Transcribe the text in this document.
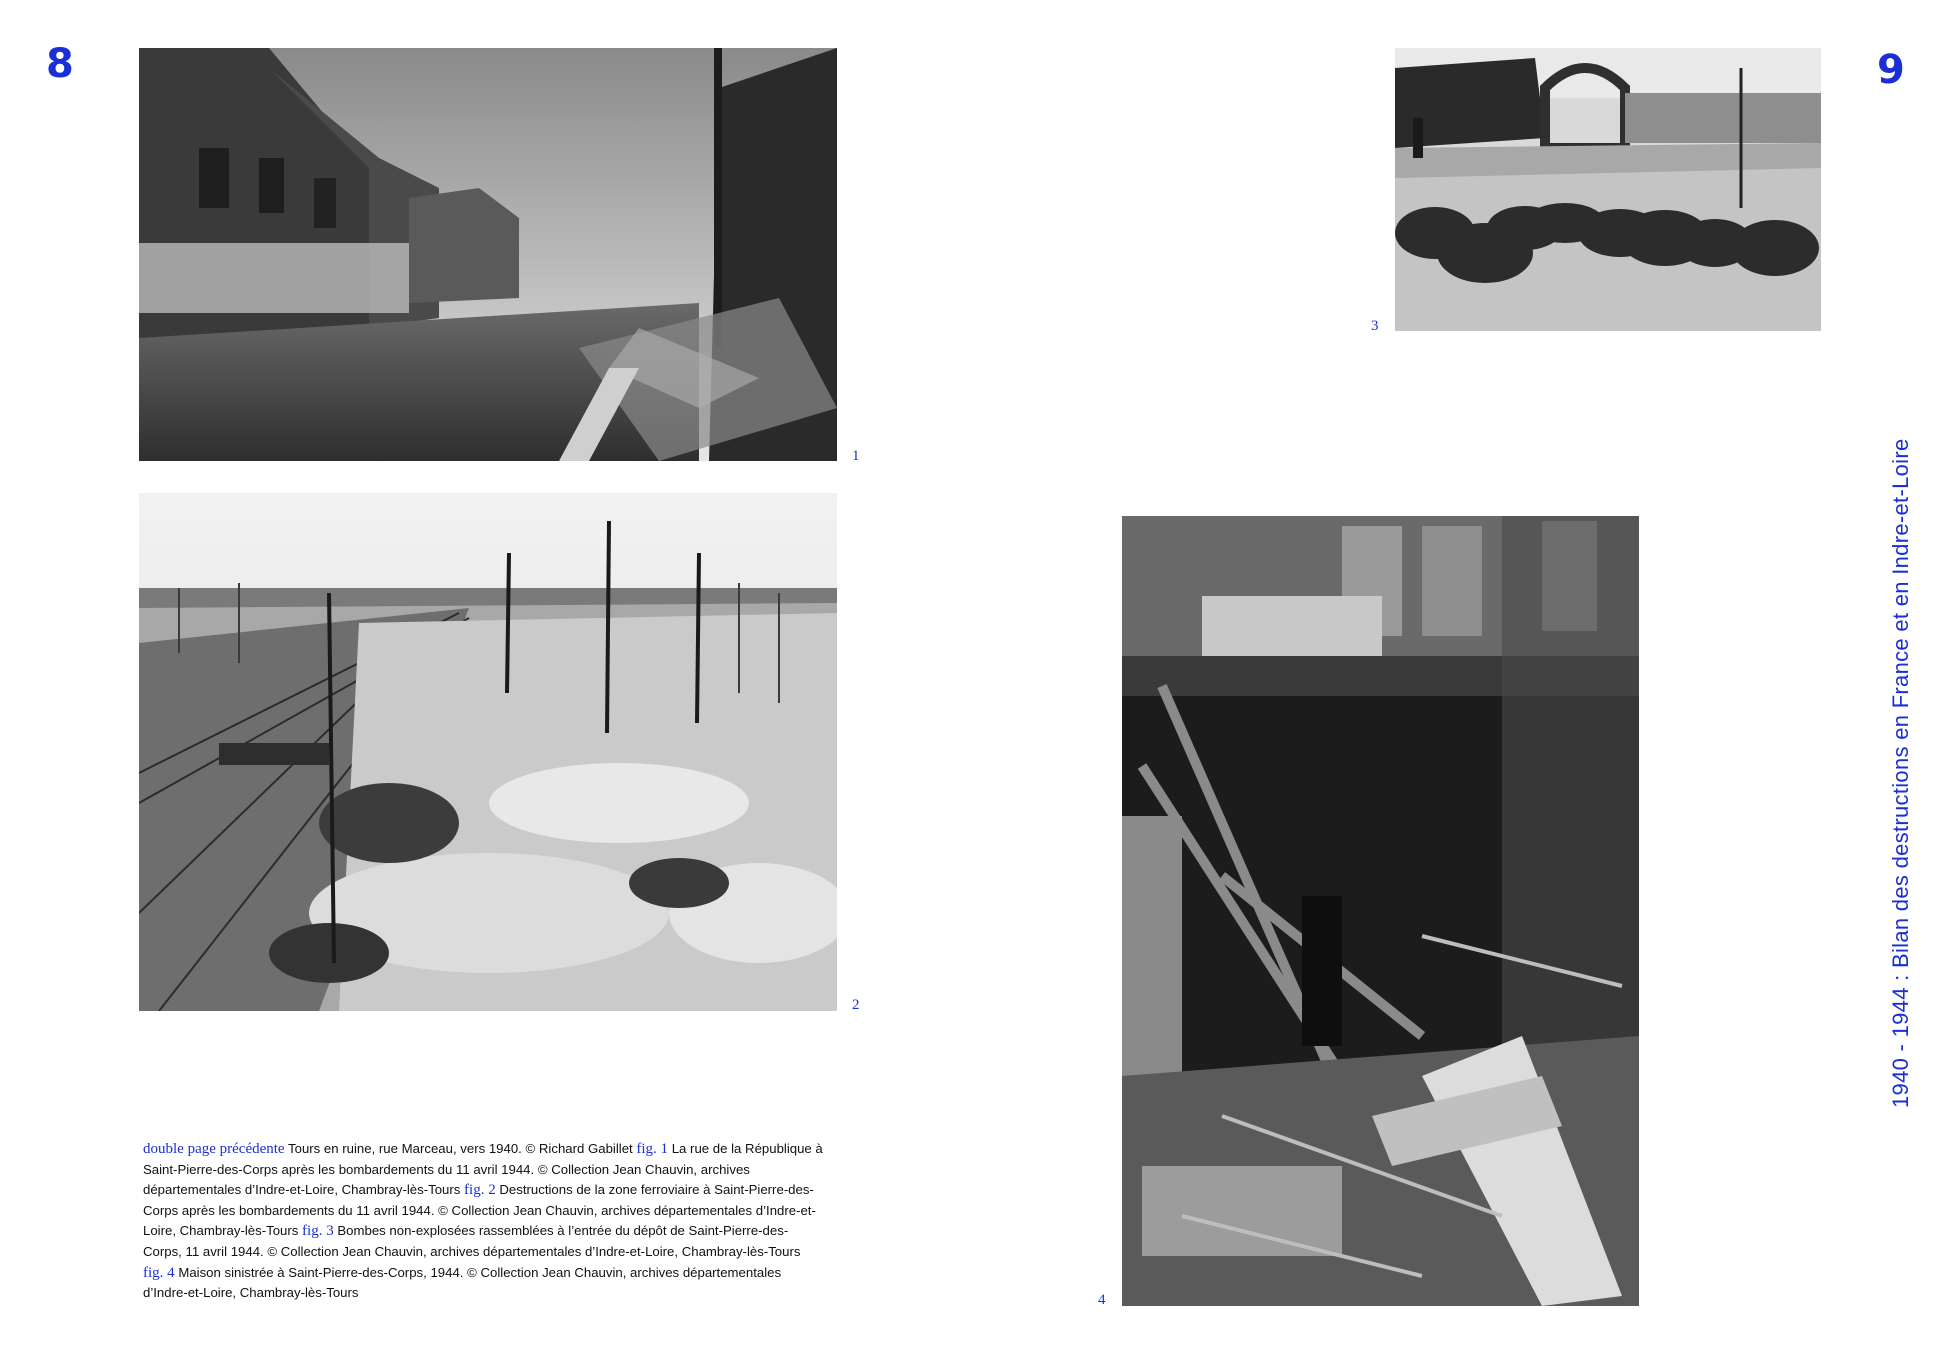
8	9
1
2
3
4
double page précédente Tours en ruine, rue Marceau, vers 1940. © Richard Gabillet fig. 1 La rue de la République à Saint-Pierre-des-Corps après les bombardements du 11 avril 1944. © Collection Jean Chauvin, archives départementales d’Indre-et-Loire, Chambray-lès-Tours fig. 2 Destructions de la zone ferroviaire à Saint-Pierre-des-Corps après les bombardements du 11 avril 1944. © Collection Jean Chauvin, archives départementales d’Indre-et-Loire, Chambray-lès-Tours fig. 3 Bombes non-explosées rassemblées à l’entrée du dépôt de Saint-Pierre-des-Corps, 11 avril 1944. © Collection Jean Chauvin, archives départementales d’Indre-et-Loire, Chambray-lès-Tours fig. 4 Maison sinistrée à Saint-Pierre-des-Corps, 1944. © Collection Jean Chauvin, archives départementales d’Indre-et-Loire, Chambray-lès-Tours
1940 - 1944 : Bilan des destructions en France et en Indre-et-Loire
